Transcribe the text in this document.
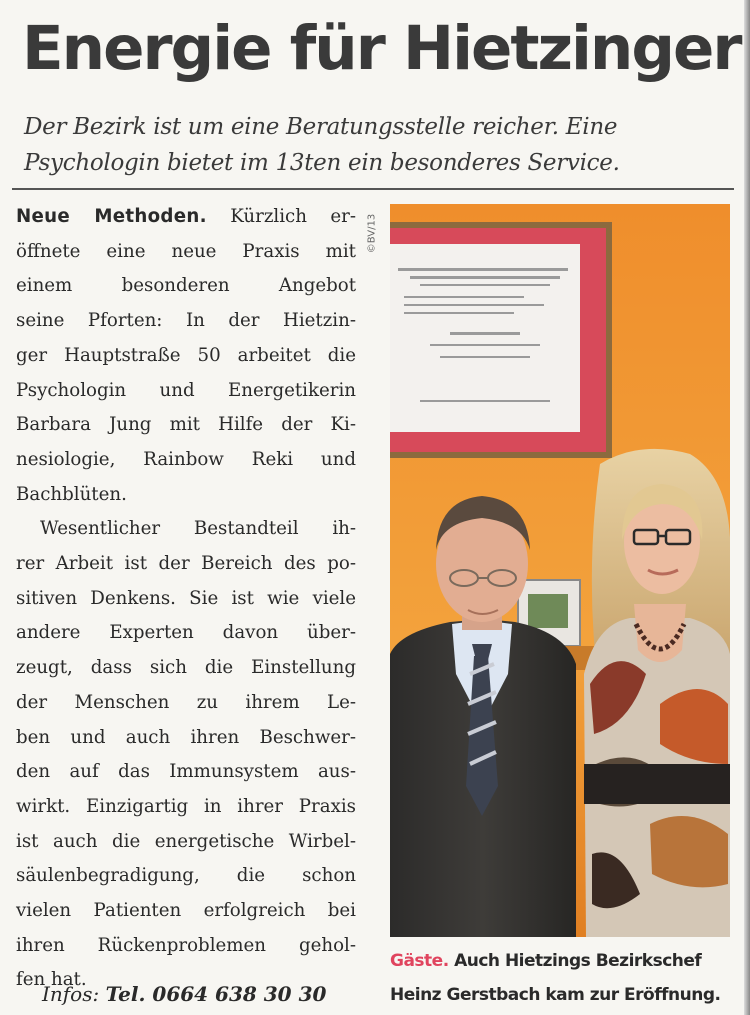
Energie für Hietzinger
Der Bezirk ist um eine Beratungsstelle reicher. Eine
Psychologin bietet im 13ten ein besonderes Service.
Neue Methoden. Kürzlich er-
öffnete eine neue Praxis mit
einem besonderen Angebot
seine Pforten: In der Hietzin-
ger Hauptstraße 50 arbeitet die
Psychologin und Energetikerin
Barbara Jung mit Hilfe der Ki-
nesiologie, Rainbow Reki und
Bachblüten.
Wesentlicher Bestandteil ih-
rer Arbeit ist der Bereich des po-
sitiven Denkens. Sie ist wie viele
andere Experten davon über-
zeugt, dass sich die Einstellung
der Menschen zu ihrem Le-
ben und auch ihren Beschwer-
den auf das Immunsystem aus-
wirkt. Einzigartig in ihrer Praxis
ist auch die energetische Wirbel-
säulenbegradigung, die schon
vielen Patienten erfolgreich bei
ihren Rückenproblemen gehol-
fen hat.
Infos: Tel. 0664 638 30 30
©BV/13
Gäste. Auch Hietzings Bezirkschef
Heinz Gerstbach kam zur Eröffnung.
